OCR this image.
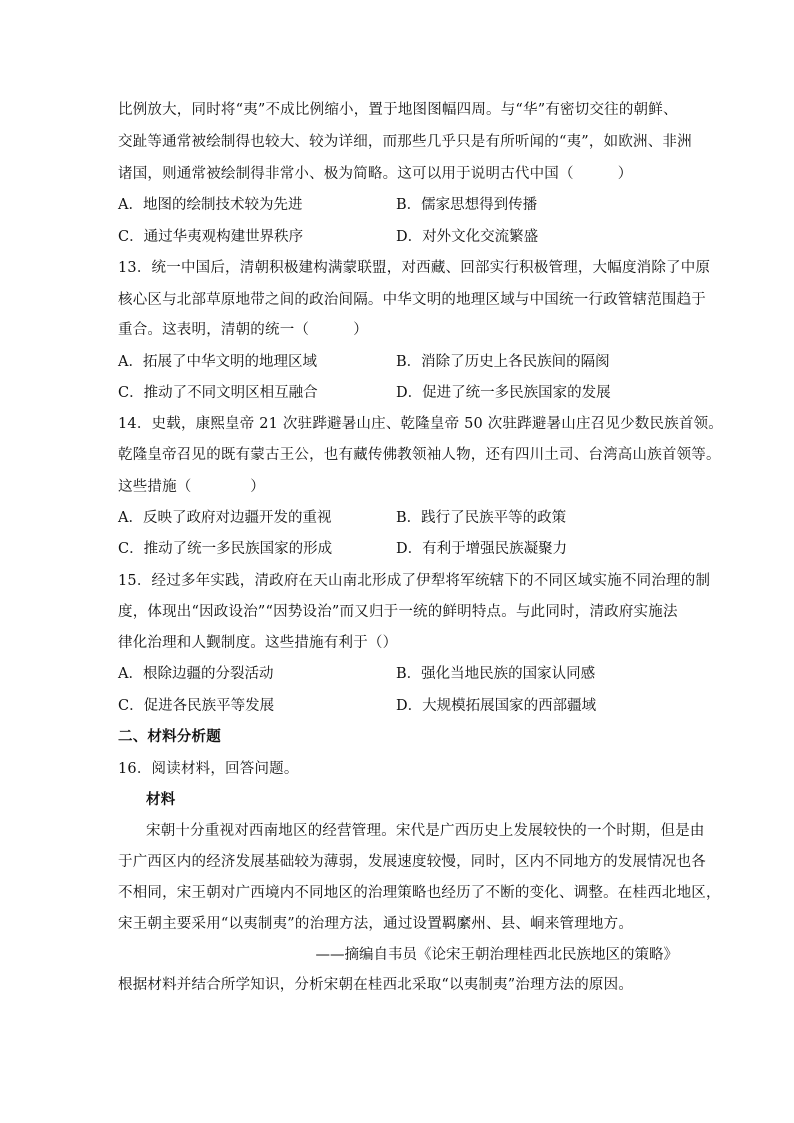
比例放大，同时将“夷”不成比例缩小，置于地图图幅四周。与“华”有密切交往的朝鲜、
交趾等通常被绘制得也较大、较为详细，而那些几乎只是有所听闻的“夷”，如欧洲、非洲
诸国，则通常被绘制得非常小、极为简略。这可以用于说明古代中国（　　　）
A．地图的绘制技术较为先进	B．儒家思想得到传播
C．通过华夷观构建世界秩序	D．对外文化交流繁盛
13．统一中国后，清朝积极建构满蒙联盟，对西藏、回部实行积极管理，大幅度消除了中原
核心区与北部草原地带之间的政治间隔。中华文明的地理区域与中国统一行政管辖范围趋于
重合。这表明，清朝的统一（　　　）
A．拓展了中华文明的地理区域	B．消除了历史上各民族间的隔阂
C．推动了不同文明区相互融合	D．促进了统一多民族国家的发展
14．史载，康熙皇帝 21 次驻跸避暑山庄、乾隆皇帝 50 次驻跸避暑山庄召见少数民族首领。
乾隆皇帝召见的既有蒙古王公，也有藏传佛教领袖人物，还有四川土司、台湾高山族首领等。
这些措施（　　　　）
A．反映了政府对边疆开发的重视	B．践行了民族平等的政策
C．推动了统一多民族国家的形成	D．有利于增强民族凝聚力
15．经过多年实践，清政府在天山南北形成了伊犁将军统辖下的不同区域实施不同治理的制
度，体现出“因政设治”“因势设治”而又归于一统的鲜明特点。与此同时，清政府实施法
律化治理和人觐制度。这些措施有利于（）
A．根除边疆的分裂活动	B．强化当地民族的国家认同感
C．促进各民族平等发展	D．大规模拓展国家的西部疆域
二、材料分析题
16．阅读材料，回答问题。
材料
宋朝十分重视对西南地区的经营管理。宋代是广西历史上发展较快的一个时期，但是由
于广西区内的经济发展基础较为薄弱，发展速度较慢，同时，区内不同地方的发展情况也各
不相同，宋王朝对广西境内不同地区的治理策略也经历了不断的变化、调整。在桂西北地区，
宋王朝主要采用“以夷制夷”的治理方法，通过设置羁縻州、县、峒来管理地方。
——摘编自韦员《论宋王朝治理桂西北民族地区的策略》
根据材料并结合所学知识，分析宋朝在桂西北采取“以夷制夷”治理方法的原因。
